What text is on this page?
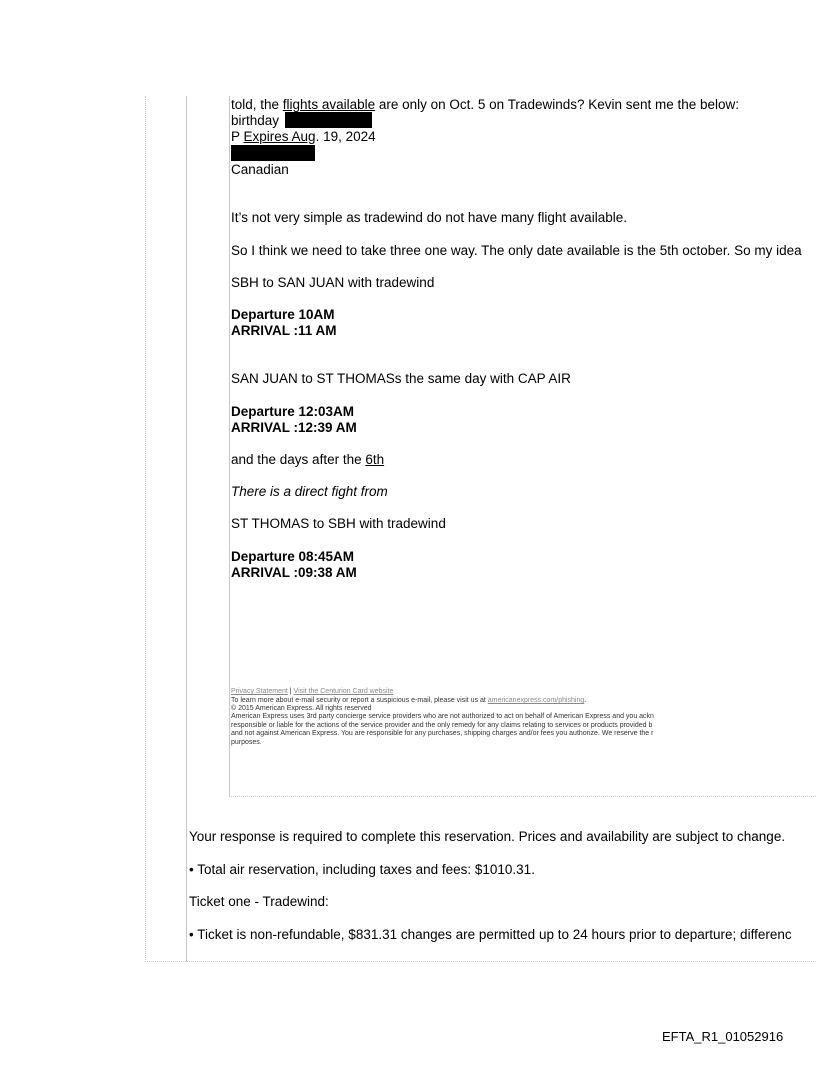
told, the flights available are only on Oct. 5 on Tradewinds? Kevin sent me the below:
birthday
P Expires Aug. 19, 2024
Canadian
It’s not very simple as tradewind do not have many flight available.
So I think we need to take three one way. The only date available is the 5th october. So my idea
SBH to SAN JUAN with tradewind
Departure 10AM
ARRIVAL :11 AM
SAN JUAN to ST THOMASs the same day with CAP AIR
Departure 12:03AM
ARRIVAL :12:39 AM
and the days after the 6th
There is a direct fight from
ST THOMAS to SBH with tradewind
Departure 08:45AM
ARRIVAL :09:38 AM
Privacy Statement | Visit the Centurion Card website
To learn more about e-mail security or report a suspicious e-mail, please visit us at americanexpress.com/phishing.
© 2015 American Express. All rights reserved
American Express uses 3rd party concierge service providers who are not authorized to act on behalf of American Express and you ackn
responsible or liable for the actions of the service provider and the only remedy for any claims relating to services or products provided b
and not against American Express. You are responsible for any purchases, shipping charges and/or fees you authorize. We reserve the r
purposes.
Your response is required to complete this reservation. Prices and availability are subject to change.
• Total air reservation, including taxes and fees: $1010.31.
Ticket one - Tradewind:
• Ticket is non-refundable, $831.31 changes are permitted up to 24 hours prior to departure; differenc
EFTA_R1_01052916
